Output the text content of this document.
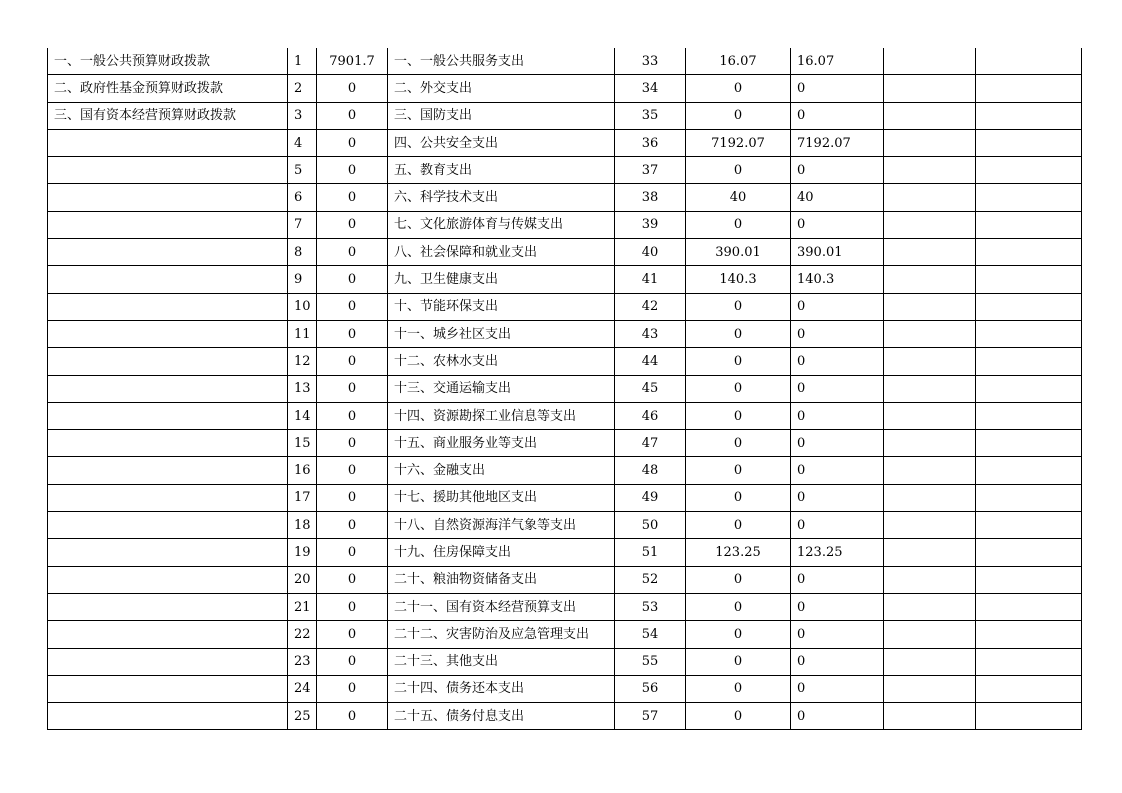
一、一般公共预算财政拨款	1	7901.7	一、一般公共服务支出	33	16.07	16.07		
二、政府性基金预算财政拨款	2	0	二、外交支出	34	0	0		
三、国有资本经营预算财政拨款	3	0	三、国防支出	35	0	0		
	4	0	四、公共安全支出	36	7192.07	7192.07		
	5	0	五、教育支出	37	0	0		
	6	0	六、科学技术支出	38	40	40		
	7	0	七、文化旅游体育与传媒支出	39	0	0		
	8	0	八、社会保障和就业支出	40	390.01	390.01		
	9	0	九、卫生健康支出	41	140.3	140.3		
	10	0	十、节能环保支出	42	0	0		
	11	0	十一、城乡社区支出	43	0	0		
	12	0	十二、农林水支出	44	0	0		
	13	0	十三、交通运输支出	45	0	0		
	14	0	十四、资源勘探工业信息等支出	46	0	0		
	15	0	十五、商业服务业等支出	47	0	0		
	16	0	十六、金融支出	48	0	0		
	17	0	十七、援助其他地区支出	49	0	0		
	18	0	十八、自然资源海洋气象等支出	50	0	0		
	19	0	十九、住房保障支出	51	123.25	123.25		
	20	0	二十、粮油物资储备支出	52	0	0		
	21	0	二十一、国有资本经营预算支出	53	0	0		
	22	0	二十二、灾害防治及应急管理支出	54	0	0		
	23	0	二十三、其他支出	55	0	0		
	24	0	二十四、债务还本支出	56	0	0		
	25	0	二十五、债务付息支出	57	0	0		
